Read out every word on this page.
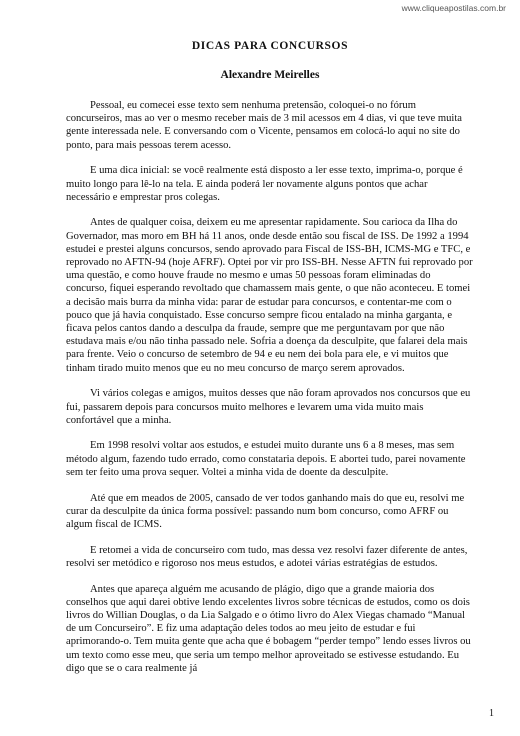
www.cliqueapostilas.com.br
DICAS PARA CONCURSOS
Alexandre Meirelles

Pessoal, eu comecei esse texto sem nenhuma pretensão, coloquei-o no fórum concurseiros, mas ao ver o mesmo receber mais de 3 mil acessos em 4 dias, vi que teve muita gente interessada nele. E conversando com o Vicente, pensamos em colocá-lo aqui no site do ponto, para mais pessoas terem acesso.

E uma dica inicial: se você realmente está disposto a ler esse texto, imprima-o, porque é muito longo para lê-lo na tela. E ainda poderá ler novamente alguns pontos que achar necessário e emprestar pros colegas.

Antes de qualquer coisa, deixem eu me apresentar rapidamente. Sou carioca da Ilha do Governador, mas moro em BH há 11 anos, onde desde então sou fiscal de ISS. De 1992 a 1994 estudei e prestei alguns concursos, sendo aprovado para Fiscal de ISS-BH, ICMS-MG e TFC, e reprovado no AFTN-94 (hoje AFRF). Optei por vir pro ISS-BH. Nesse AFTN fui reprovado por uma questão, e como houve fraude no mesmo e umas 50 pessoas foram eliminadas do concurso, fiquei esperando revoltado que chamassem mais gente, o que não aconteceu. E tomei a decisão mais burra da minha vida: parar de estudar para concursos, e contentar-me com o pouco que já havia conquistado. Esse concurso sempre ficou entalado na minha garganta, e ficava pelos cantos dando a desculpa da fraude, sempre que me perguntavam por que não estudava mais e/ou não tinha passado nele. Sofria a doença da desculpite, que falarei dela mais para frente. Veio o concurso de setembro de 94 e eu nem dei bola para ele, e vi muitos que tinham tirado muito menos que eu no meu concurso de março serem aprovados.

Vi vários colegas e amigos, muitos desses que não foram aprovados nos concursos que eu fui, passarem depois para concursos muito melhores e levarem uma vida muito mais confortável que a minha.

Em 1998 resolvi voltar aos estudos, e estudei muito durante uns 6 a 8 meses, mas sem método algum, fazendo tudo errado, como constataria depois. E abortei tudo, parei novamente sem ter feito uma prova sequer. Voltei a minha vida de doente da desculpite.

Até que em meados de 2005, cansado de ver todos ganhando mais do que eu, resolvi me curar da desculpite da única forma possível: passando num bom concurso, como AFRF ou algum fiscal de ICMS.

E retomei a vida de concurseiro com tudo, mas dessa vez resolvi fazer diferente de antes, resolvi ser metódico e rigoroso nos meus estudos, e adotei várias estratégias de estudos.

Antes que apareça alguém me acusando de plágio, digo que a grande maioria dos conselhos que aqui darei obtive lendo excelentes livros sobre técnicas de estudos, como os dois livros do Willian Douglas, o da Lia Salgado e o ótimo livro do Alex Viegas chamado “Manual de um Concurseiro”. E fiz uma adaptação deles todos ao meu jeito de estudar e fui aprimorando-o. Tem muita gente que acha que é bobagem “perder tempo” lendo esses livros ou um texto como esse meu, que seria um tempo melhor aproveitado se estivesse estudando. Eu digo que se o cara realmente já

1
